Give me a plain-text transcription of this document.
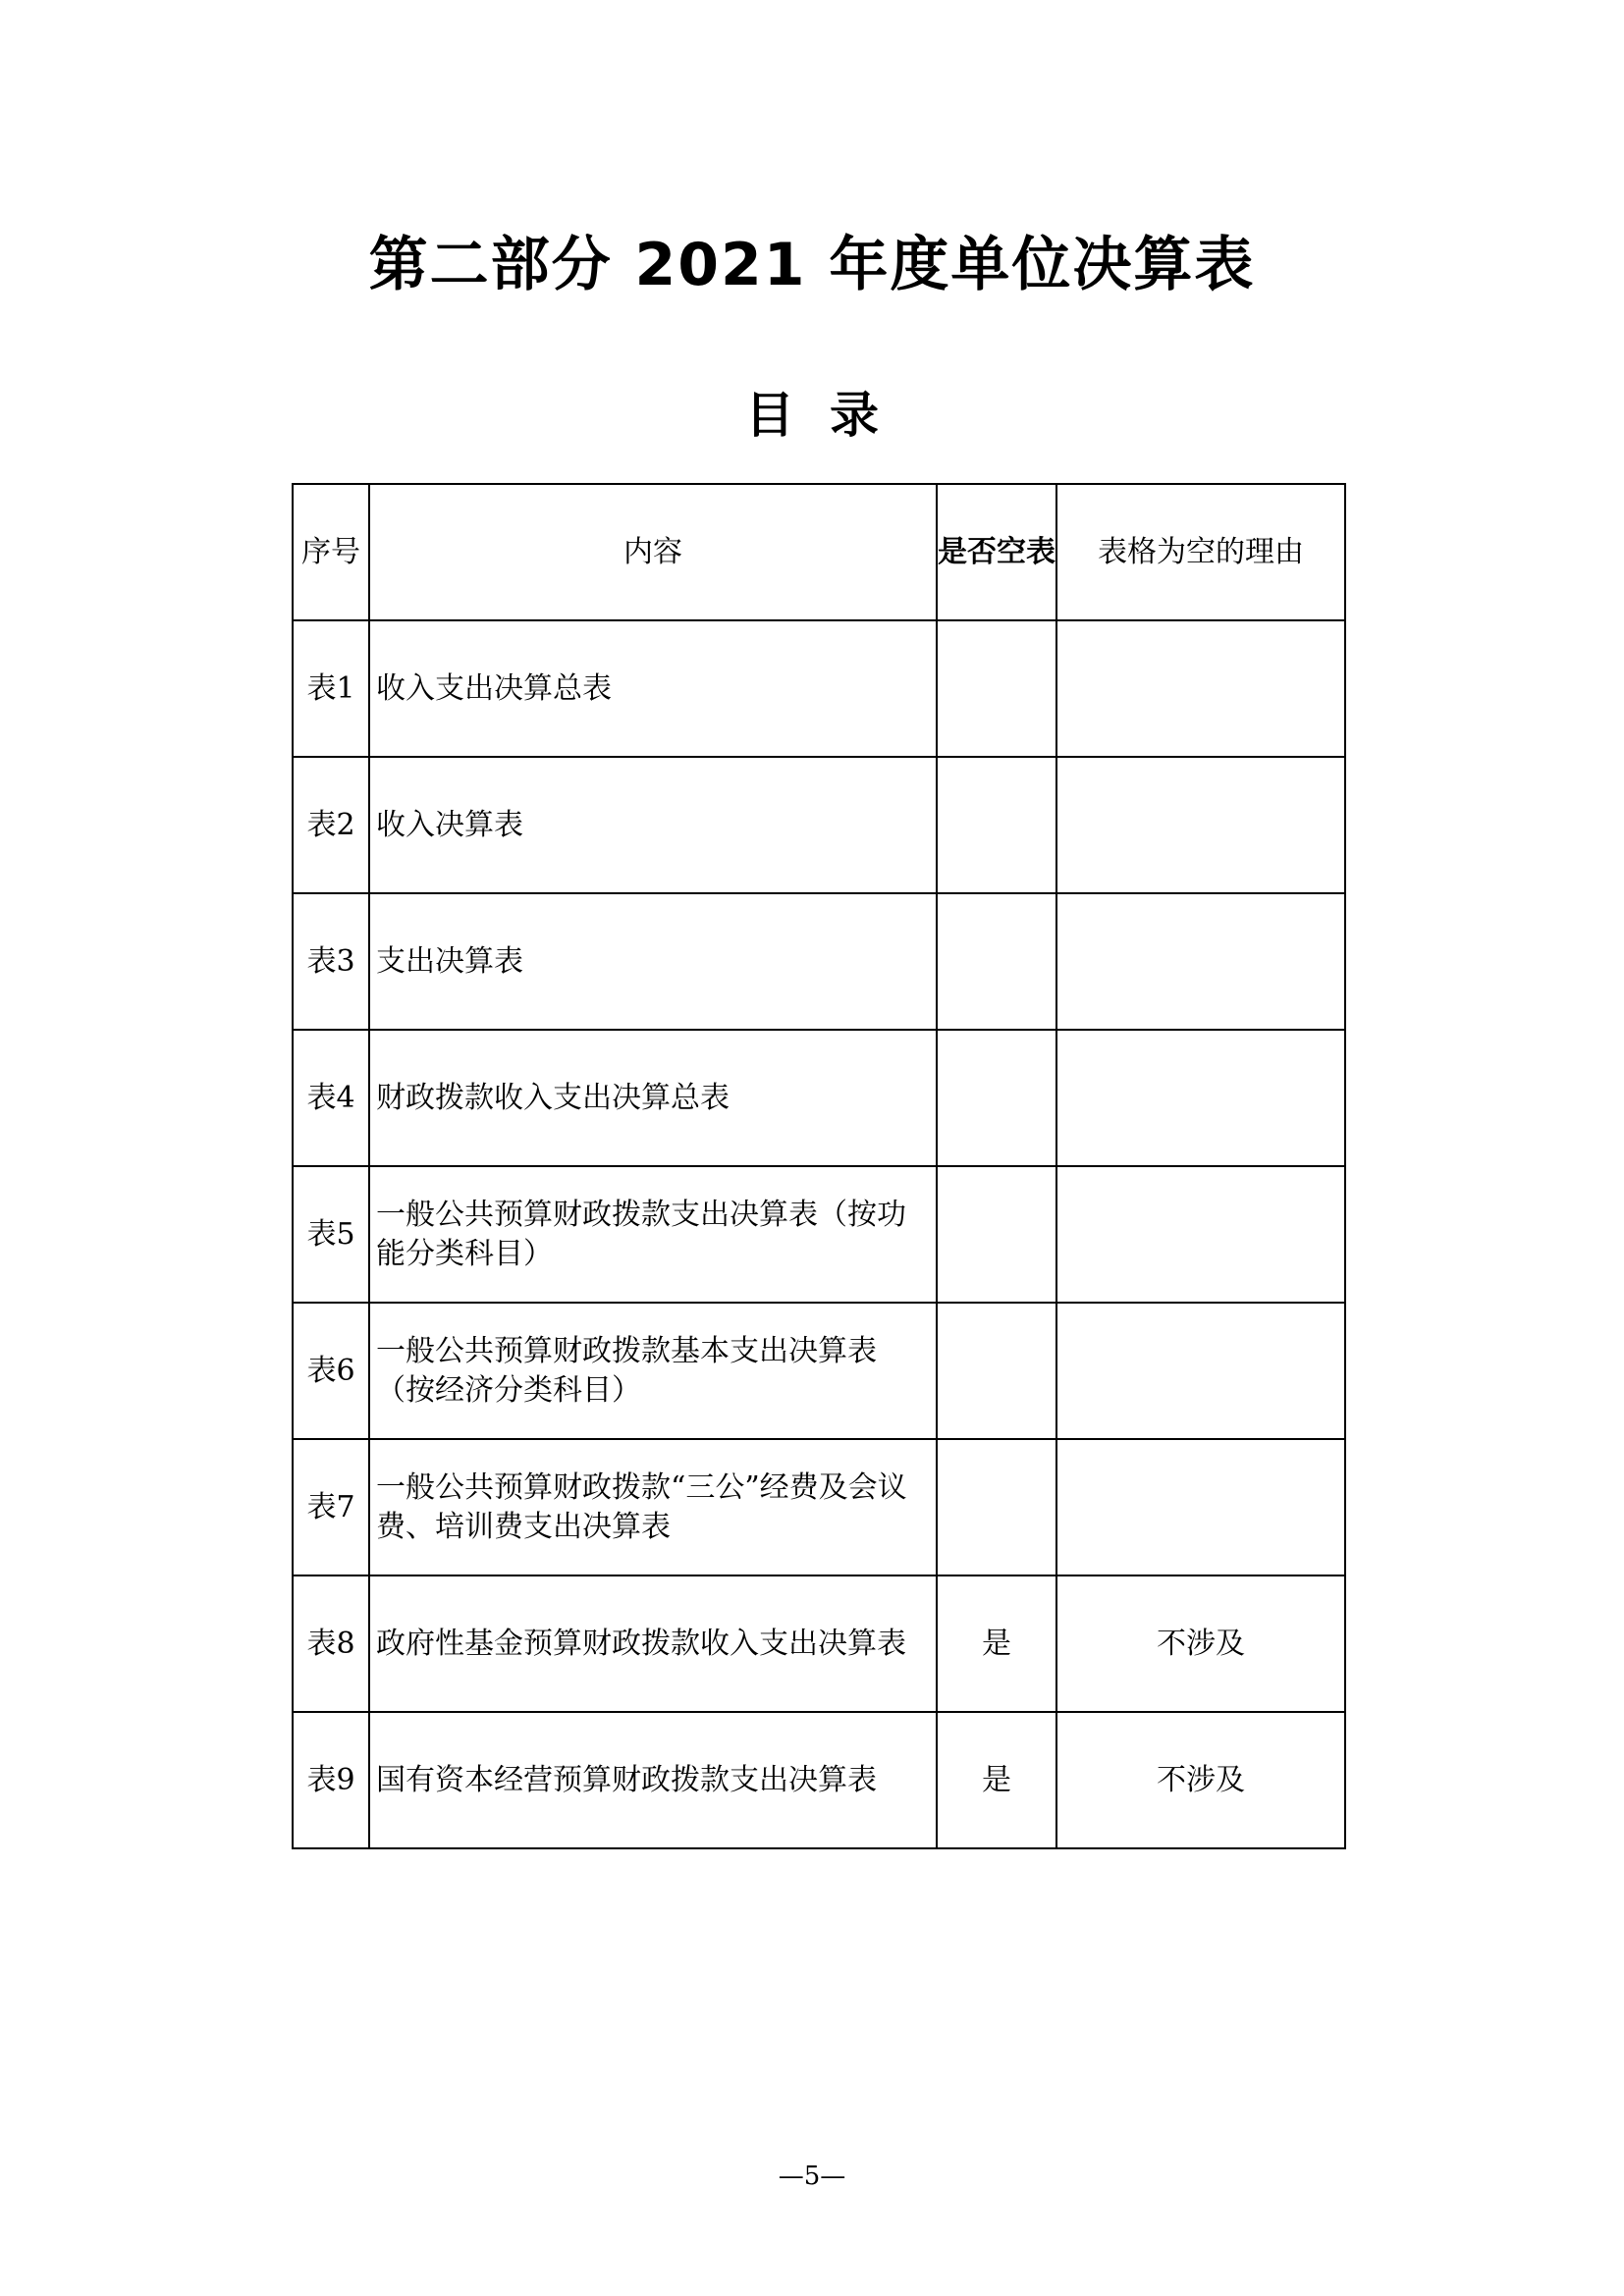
第二部分 2021 年度单位决算表
目录
序号	内容	是否空表	表格为空的理由
表1	收入支出决算总表		
表2	收入决算表		
表3	支出决算表		
表4	财政拨款收入支出决算总表		
表5	一般公共预算财政拨款支出决算表（按功能分类科目）		
表6	一般公共预算财政拨款基本支出决算表 （按经济分类科目）		
表7	一般公共预算财政拨款“三公”经费及会议费、培训费支出决算表		
表8	政府性基金预算财政拨款收入支出决算表	是	不涉及
表9	国有资本经营预算财政拨款支出决算表	是	不涉及
—5—
